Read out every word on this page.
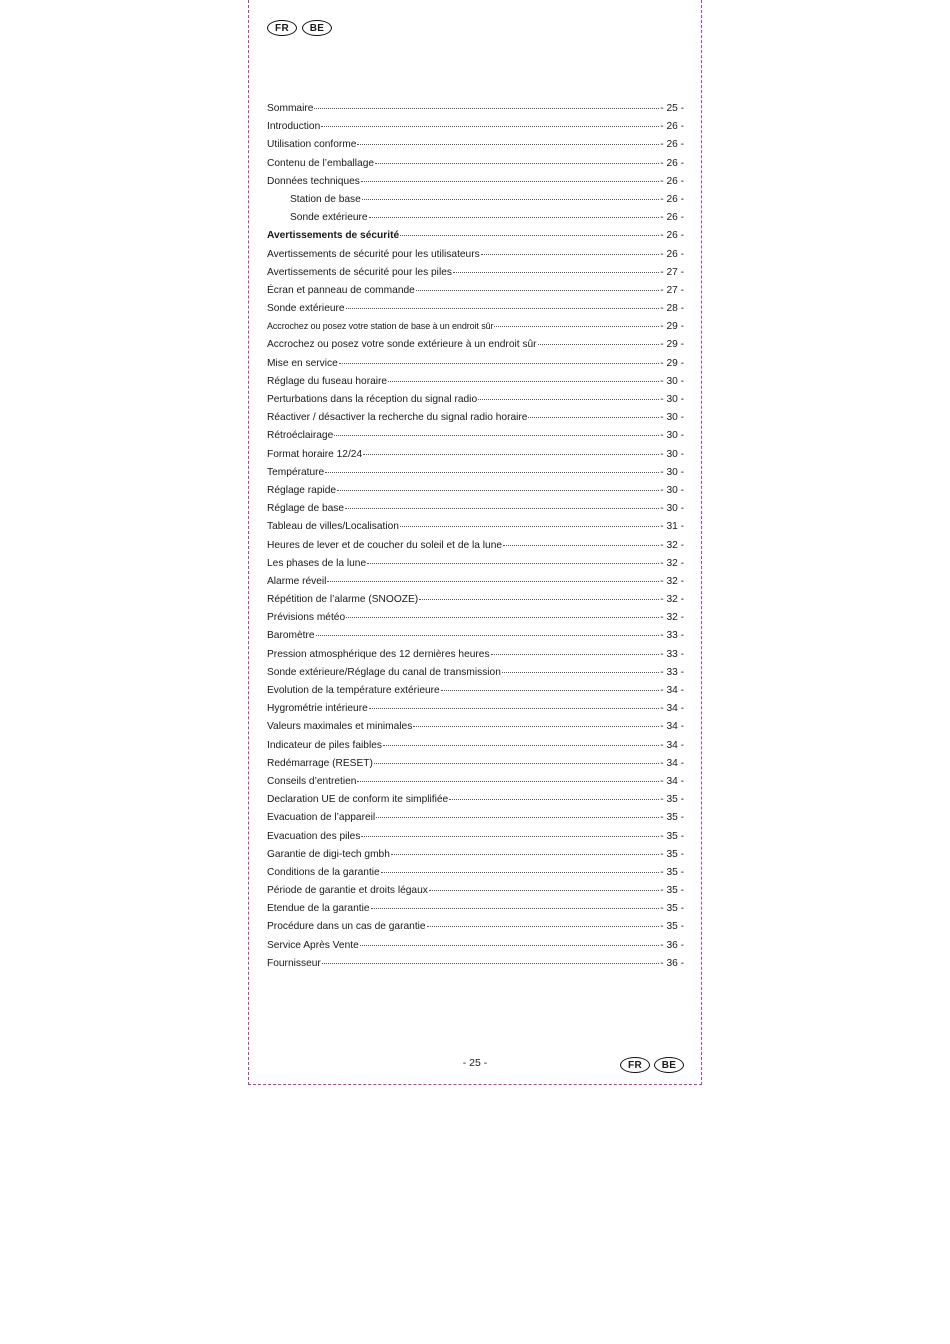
FR	BE
Sommaire	- 25 -
Introduction	- 26 -
Utilisation conforme	- 26 -
Contenu de l’emballage	- 26 -
Données techniques	- 26 -
Station de base	- 26 -
Sonde extérieure	- 26 -
Avertissements de sécurité	- 26 -
Avertissements de sécurité pour les utilisateurs	- 26 -
Avertissements de sécurité pour les piles	- 27 -
Écran et panneau de commande	- 27 -
Sonde extérieure	- 28 -
Accrochez ou posez votre station de base à un endroit sûr	- 29 -
Accrochez ou posez votre sonde extérieure à un endroit sûr	- 29 -
Mise en service	- 29 -
Réglage du fuseau horaire	- 30 -
Perturbations dans la réception du signal radio	- 30 -
Réactiver / désactiver la recherche du signal radio horaire	- 30 -
Rétroéclairage	- 30 -
Format horaire 12/24	- 30 -
Température	- 30 -
Réglage rapide	- 30 -
Réglage de base	- 30 -
Tableau de villes/Localisation	- 31 -
Heures de lever et de coucher du soleil et de la lune	- 32 -
Les phases de la lune	- 32 -
Alarme réveil	- 32 -
Répétition de l’alarme (SNOOZE)	- 32 -
Prévisions météo	- 32 -
Baromètre	- 33 -
Pression atmosphérique des 12 dernières heures	- 33 -
Sonde extérieure/Réglage du canal de transmission	- 33 -
Evolution de la température extérieure	- 34 -
Hygrométrie intérieure	- 34 -
Valeurs maximales et minimales	- 34 -
Indicateur de piles faibles	- 34 -
Redémarrage (RESET)	- 34 -
Conseils d’entretien	- 34 -
Declaration UE de conform ite simplifiée	- 35 -
Evacuation de l’appareil	- 35 -
Evacuation des piles	- 35 -
Garantie de digi-tech gmbh	- 35 -
Conditions de la garantie	- 35 -
Période de garantie et droits légaux	- 35 -
Etendue de la garantie	- 35 -
Procédure dans un cas de garantie	- 35 -
Service Après Vente	- 36 -
Fournisseur	- 36 -
- 25 -	FR	BE
